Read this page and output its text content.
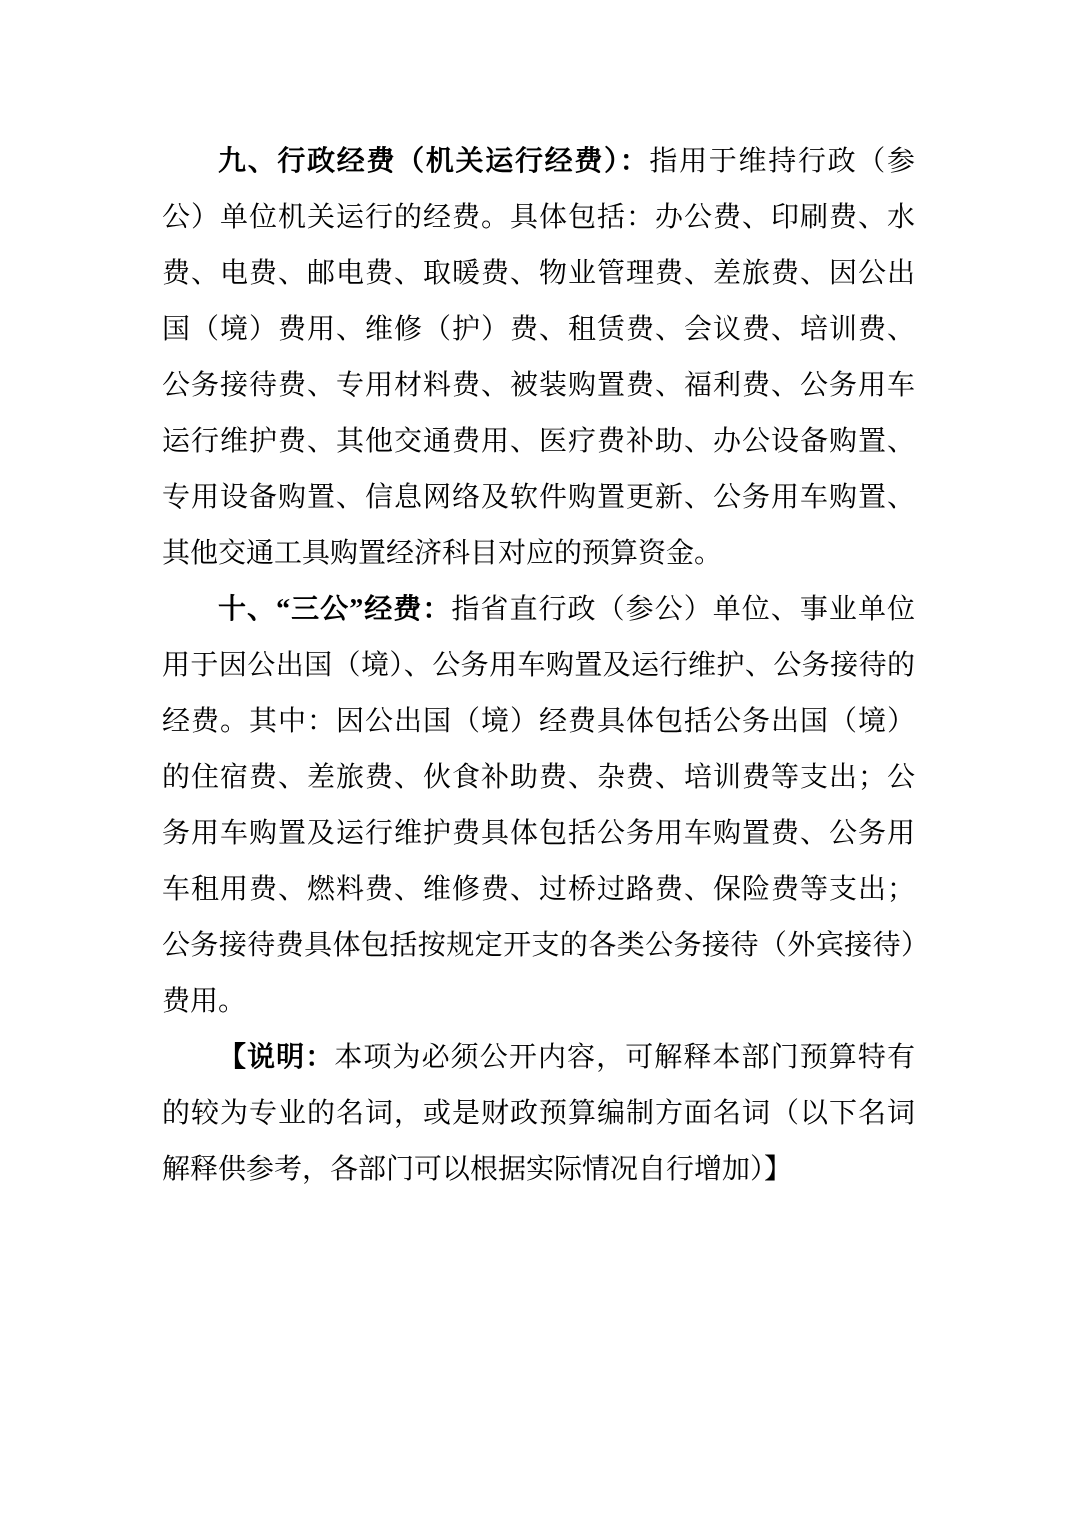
九、行政经费（机关运行经费）：指用于维持行政（参公）单位机关运行的经费。具体包括：办公费、印刷费、水费、电费、邮电费、取暖费、物业管理费、差旅费、因公出国（境）费用、维修（护）费、租赁费、会议费、培训费、公务接待费、专用材料费、被装购置费、福利费、公务用车运行维护费、其他交通费用、医疗费补助、办公设备购置、专用设备购置、信息网络及软件购置更新、公务用车购置、其他交通工具购置经济科目对应的预算资金。

十、“三公”经费：指省直行政（参公）单位、事业单位用于因公出国（境）、公务用车购置及运行维护、公务接待的经费。其中：因公出国（境）经费具体包括公务出国（境）的住宿费、差旅费、伙食补助费、杂费、培训费等支出；公务用车购置及运行维护费具体包括公务用车购置费、公务用车租用费、燃料费、维修费、过桥过路费、保险费等支出；公务接待费具体包括按规定开支的各类公务接待（外宾接待）费用。

【说明：本项为必须公开内容，可解释本部门预算特有的较为专业的名词，或是财政预算编制方面名词（以下名词解释供参考，各部门可以根据实际情况自行增加）】
